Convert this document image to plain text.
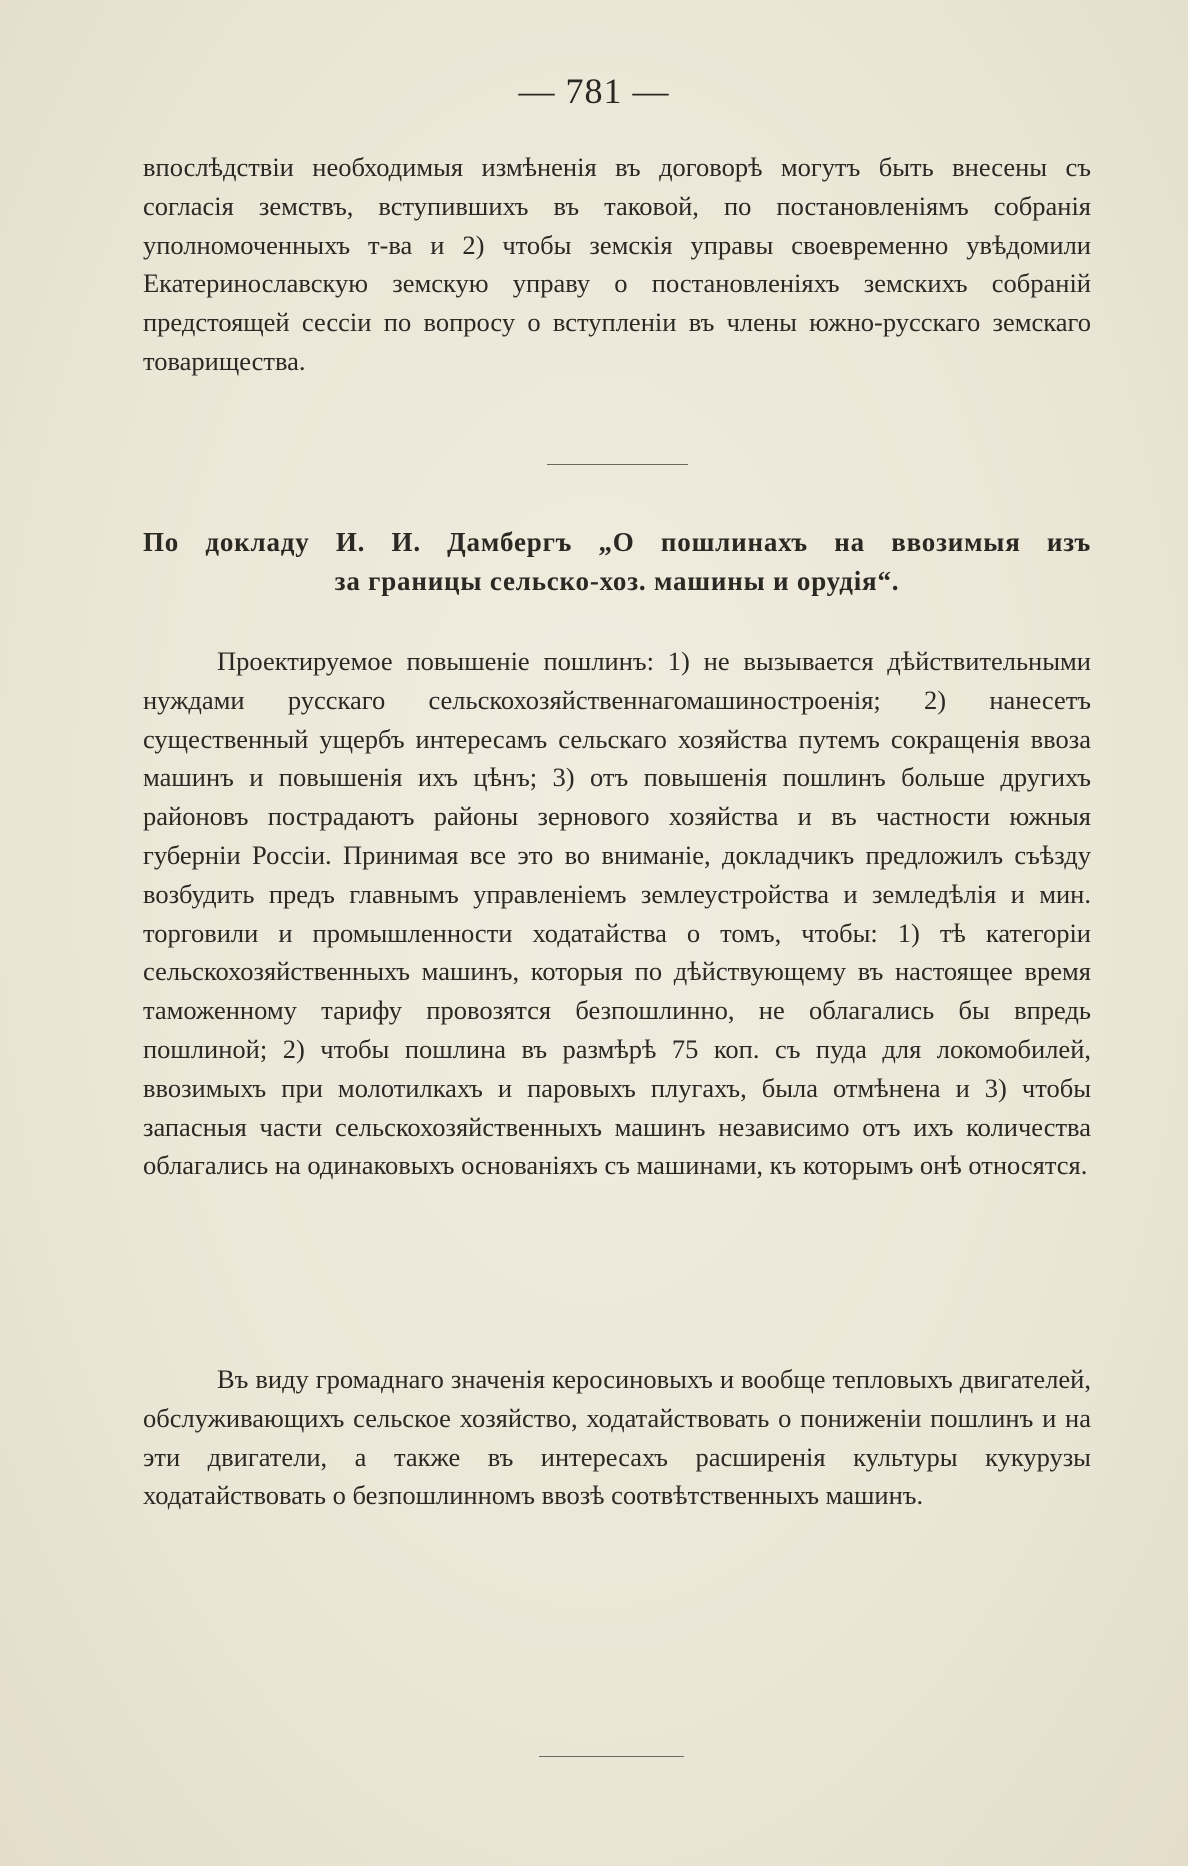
— 781 —

впослѣдствіи необходимыя измѣненія въ договорѣ могутъ быть внесены съ согласія земствъ, вступившихъ въ таковой, по постановленіямъ собранія уполномоченныхъ т-ва и 2) чтобы земскія управы своевременно увѣдомили Екатеринославскую земскую управу о постановленіяхъ земскихъ собраній предстоящей сессіи по вопросу о вступленіи въ члены южно-русскаго земскаго товарищества.

По докладу И. И. Дамбергъ „О пошлинахъ на ввозимыя изъ
за границы сельско-хоз. машины и орудія“.

Проектируемое повышеніе пошлинъ: 1) не вызывается дѣйствительными нуждами русскаго сельскохозяйственнагомашиностроенія; 2) нанесетъ существенный ущербъ интересамъ сельскаго хозяйства путемъ сокращенія ввоза машинъ и повышенія ихъ цѣнъ; 3) отъ повышенія пошлинъ больше другихъ районовъ пострадаютъ районы зернового хозяйства и въ частности южныя губерніи Россіи. Принимая все это во вниманіе, докладчикъ предложилъ съѣзду возбудить предъ главнымъ управленіемъ землеустройства и земледѣлія и мин. торговили и промышленности ходатайства о томъ, чтобы: 1) тѣ категоріи сельскохозяйственныхъ машинъ, которыя по дѣйствующему въ настоящее время таможенному тарифу провозятся безпошлинно, не облагались бы впредь пошлиной; 2) чтобы пошлина въ размѣрѣ 75 коп. съ пуда для локомобилей, ввозимыхъ при молотилкахъ и паровыхъ плугахъ, была отмѣнена и 3) чтобы запасныя части сельскохозяйственныхъ машинъ независимо отъ ихъ количества облагались на одинаковыхъ основаніяхъ съ машинами, къ которымъ онѣ относятся.

Въ виду громаднаго значенія керосиновыхъ и вообще тепловыхъ двигателей, обслуживающихъ сельское хозяйство, ходатайствовать о пониженіи пошлинъ и на эти двигатели, а также въ интересахъ расширенія культуры кукурузы ходатайствовать о безпошлинномъ ввозѣ соотвѣтственныхъ машинъ.
